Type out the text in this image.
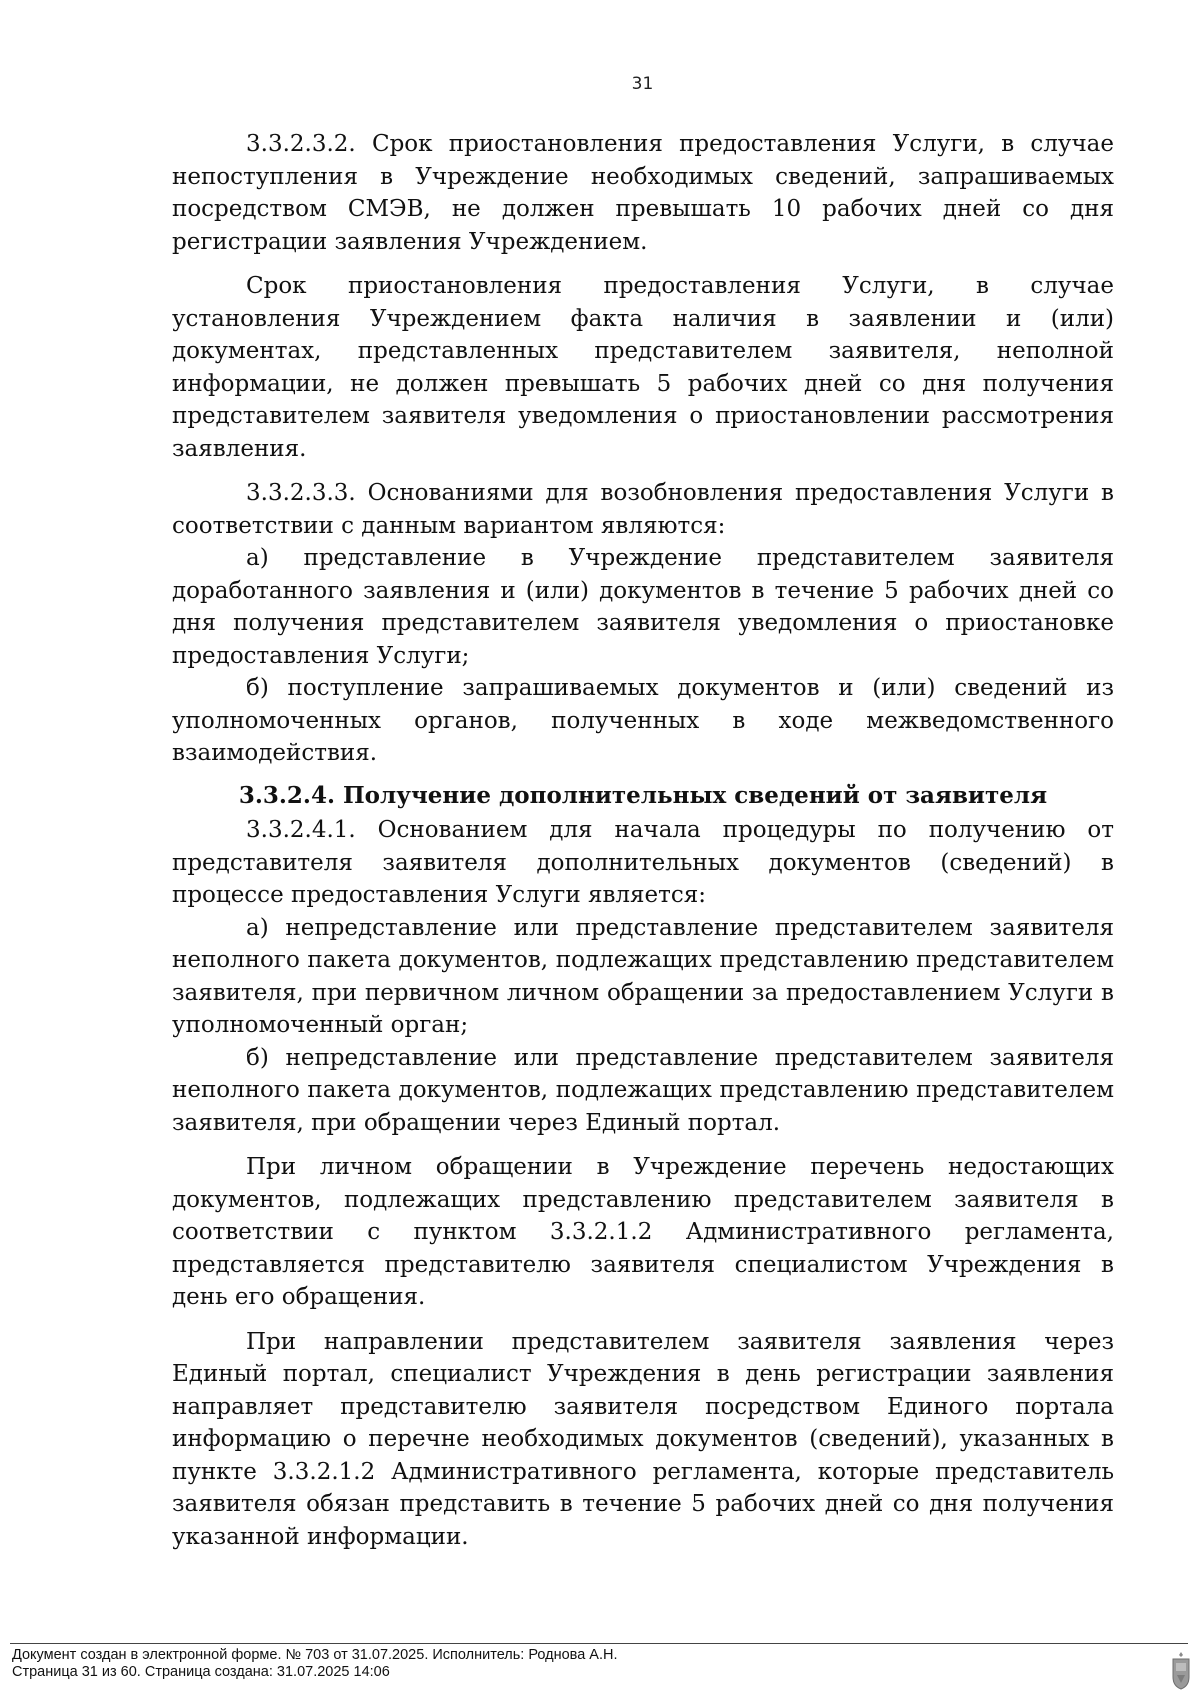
31

3.3.2.3.2. Срок приостановления предоставления Услуги, в случае непоступления в Учреждение необходимых сведений, запрашиваемых посредством СМЭВ, не должен превышать 10 рабочих дней со дня регистрации заявления Учреждением.

Срок приостановления предоставления Услуги, в случае установления Учреждением факта наличия в заявлении и (или) документах, представленных представителем заявителя, неполной информации, не должен превышать 5 рабочих дней со дня получения представителем заявителя уведомления о приостановлении рассмотрения заявления.

3.3.2.3.3. Основаниями для возобновления предоставления Услуги в соответствии с данным вариантом являются:

а) представление в Учреждение представителем заявителя доработанного заявления и (или) документов в течение 5 рабочих дней со дня получения представителем заявителя уведомления о приостановке предоставления Услуги;

б) поступление запрашиваемых документов и (или) сведений из уполномоченных органов, полученных в ходе межведомственного взаимодействия.

3.3.2.4. Получение дополнительных сведений от заявителя

3.3.2.4.1. Основанием для начала процедуры по получению от представителя заявителя дополнительных документов (сведений) в процессе предоставления Услуги является:

а) непредставление или представление представителем заявителя неполного пакета документов, подлежащих представлению представителем заявителя, при первичном личном обращении за предоставлением Услуги в уполномоченный орган;

б) непредставление или представление представителем заявителя неполного пакета документов, подлежащих представлению представителем заявителя, при обращении через Единый портал.

При личном обращении в Учреждение перечень недостающих документов, подлежащих представлению представителем заявителя в соответствии с пунктом 3.3.2.1.2 Административного регламента, представляется представителю заявителя специалистом Учреждения в день его обращения.

При направлении представителем заявителя заявления через Единый портал, специалист Учреждения в день регистрации заявления направляет представителю заявителя посредством Единого портала информацию о перечне необходимых документов (сведений), указанных в пункте 3.3.2.1.2 Административного регламента, которые представитель заявителя обязан представить в течение 5 рабочих дней со дня получения указанной информации.

Документ создан в электронной форме. № 703 от 31.07.2025. Исполнитель: Роднова А.Н.
Страница 31 из 60. Страница создана: 31.07.2025 14:06
